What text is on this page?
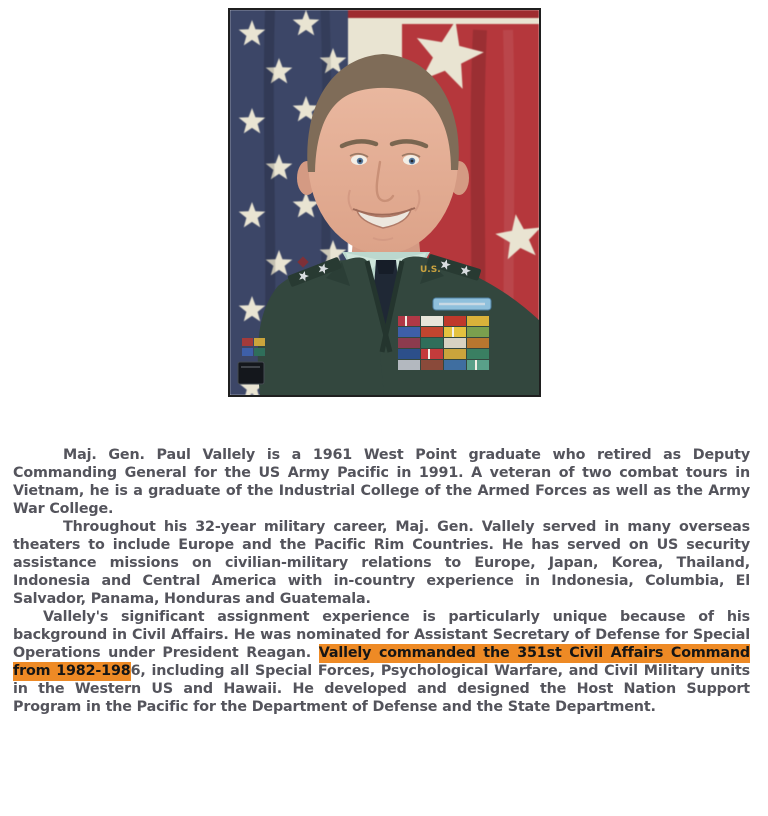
U.S.

Maj. Gen. Paul Vallely is a 1961 West Point graduate who retired as Deputy Commanding General for the US Army Pacific in 1991. A veteran of two combat tours in Vietnam, he is a graduate of the Industrial College of the Armed Forces as well as the Army War College.

Throughout his 32-year military career, Maj. Gen. Vallely served in many overseas theaters to include Europe and the Pacific Rim Countries. He has served on US security assistance missions on civilian-military relations to Europe, Japan, Korea, Thailand, Indonesia and Central America with in-country experience in Indonesia, Columbia, El Salvador, Panama, Honduras and Guatemala.

Vallely's significant assignment experience is particularly unique because of his background in Civil Affairs. He was nominated for Assistant Secretary of Defense for Special Operations under President Reagan. Vallely commanded the 351st Civil Affairs Command from 1982-1986, including all Special Forces, Psychological Warfare, and Civil Military units in the Western US and Hawaii. He developed and designed the Host Nation Support Program in the Pacific for the Department of Defense and the State Department.
